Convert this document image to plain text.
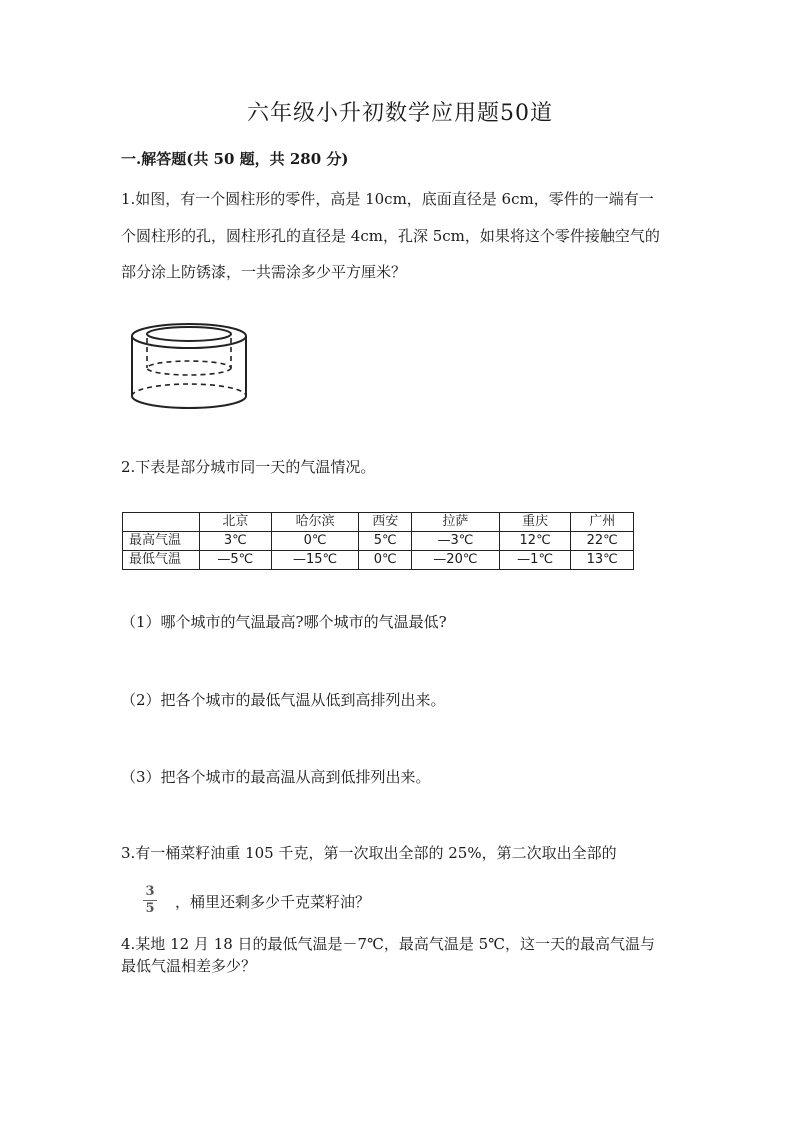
六年级小升初数学应用题50道
一.解答题(共 50 题，共 280 分)
1.如图，有一个圆柱形的零件，高是 10cm，底面直径是 6cm，零件的一端有一
个圆柱形的孔，圆柱形孔的直径是 4cm，孔深 5cm，如果将这个零件接触空气的
部分涂上防锈漆，一共需涂多少平方厘米？
2.下表是部分城市同一天的气温情况。
	北京	哈尔滨	西安	拉萨	重庆	广州
最高气温	3℃	0℃	5℃	—3℃	12℃	22℃
最低气温	—5℃	—15℃	0℃	—20℃	—1℃	13℃
（1）哪个城市的气温最高?哪个城市的气温最低?
（2）把各个城市的最低气温从低到高排列出来。
（3）把各个城市的最高温从高到低排列出来。
3.有一桶菜籽油重 105 千克，第一次取出全部的 25%，第二次取出全部的
3
5 ，桶里还剩多少千克菜籽油？
4.某地 12 月 18 日的最低气温是－7℃，最高气温是 5℃，这一天的最高气温与
最低气温相差多少？
